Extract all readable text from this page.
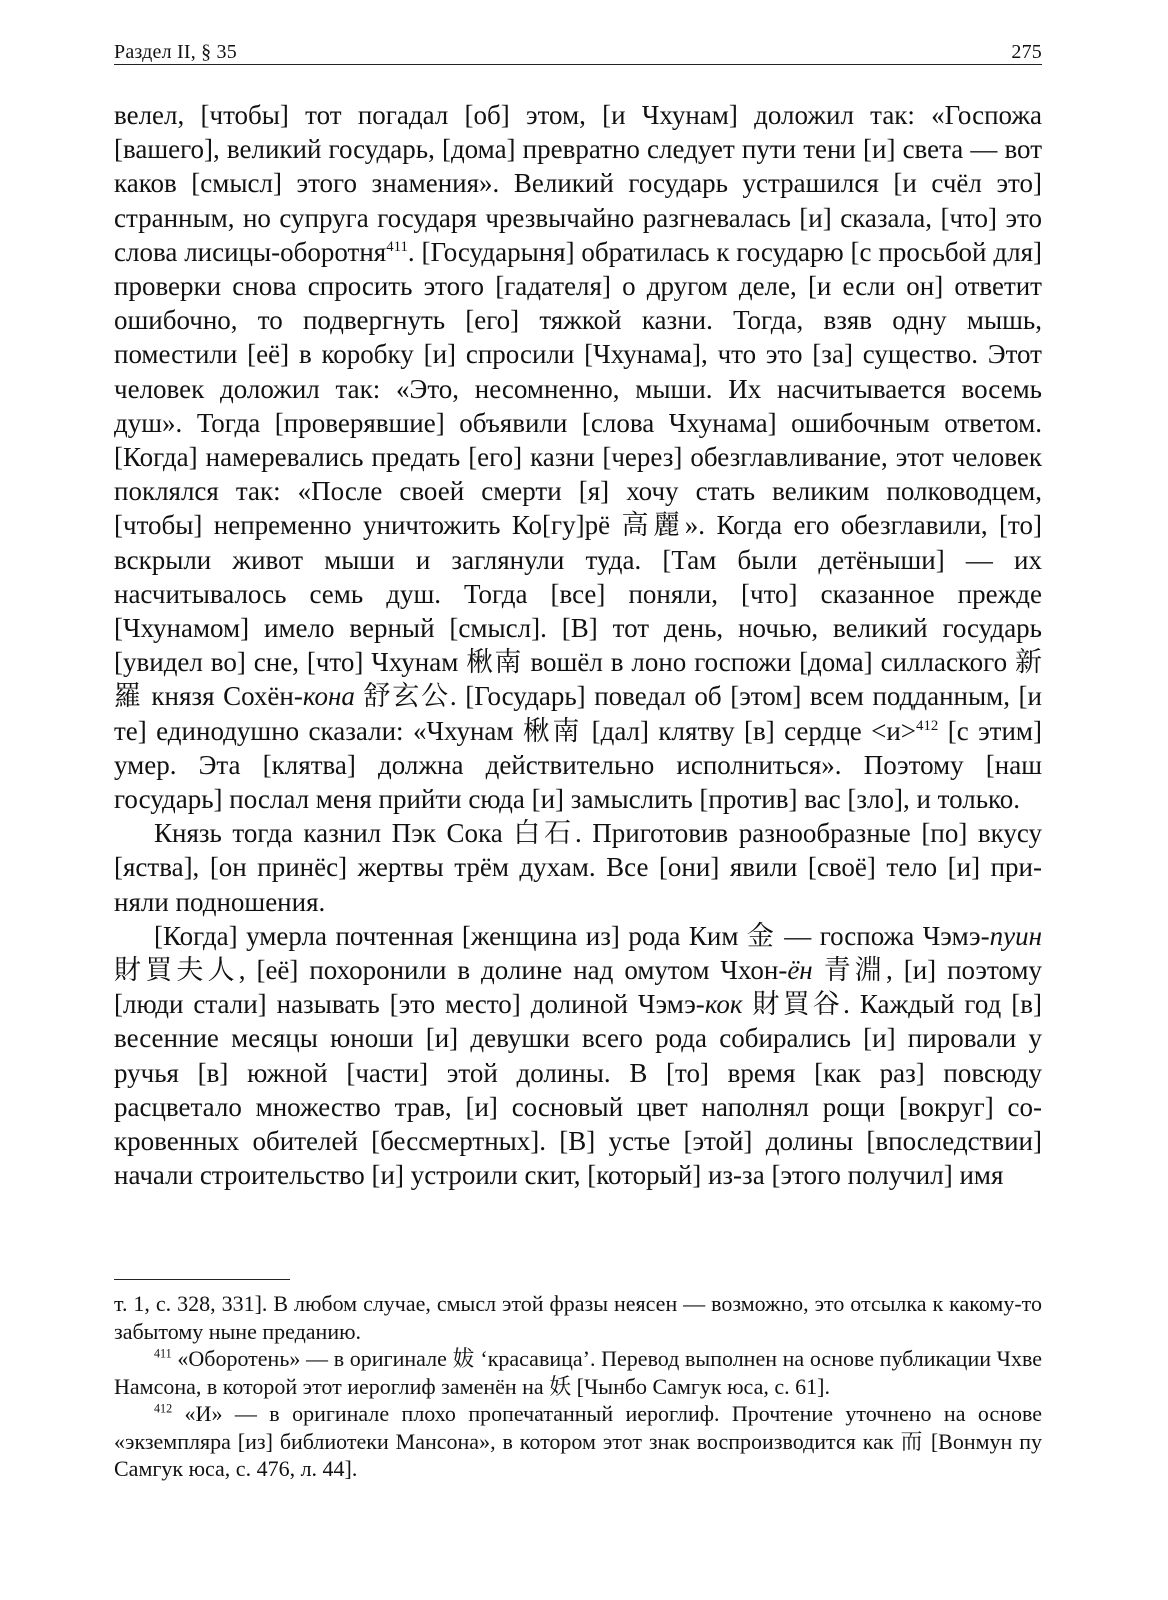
Раздел II, § 35	275

велел, [чтобы] тот погадал [об] этом, [и Чхунам] доложил так: «Госпожа [вашего], великий государь, [дома] превратно следует пути тени [и] света — вот каков [смысл] этого знамения». Великий государь устрашился [и счёл это] странным, но супруга государя чрезвычайно разгневалась [и] сказала, [что] это слова лисицы-оборотня$^{411}$. [Государыня] обратилась к государю [с просьбой для] проверки снова спросить этого [гадателя] о другом деле, [и если он] ответит ошибочно, то подвергнуть [его] тяжкой казни. Тогда, взяв одну мышь, поместили [её] в коробку [и] спросили [Чхунама], что это [за] существо. Этот человек доложил так: «Это, несомненно, мыши. Их насчитывается восемь душ». Тогда [проверявшие] объявили [слова Чхунама] ошибочным ответом. [Когда] намеревались предать [его] казни [через] обезглавливание, этот человек поклялся так: «После своей смерти [я] хочу стать великим полководцем, [чтобы] непременно уничтожить Ко[гу]рё 高麗». Когда его обезглавили, [то] вскрыли живот мыши и заглянули туда. [Там были детёныши] — их насчитывалось семь душ. Тогда [все] поняли, [что] сказанное прежде [Чхунамом] имело верный [смысл]. [В] тот день, ночью, великий государь [увидел во] сне, [что] Чхунам 楸南 вошёл в лоно госпожи [дома] силлаского 新羅 князя Сохён-кона 舒玄公. [Государь] поведал об [этом] всем подданным, [и те] единодушно сказали: «Чхунам 楸南 [дал] клятву [в] сердце <и>$^{412}$ [с этим] умер. Эта [клятва] должна действительно исполниться». Поэтому [наш государь] послал меня прийти сюда [и] замыслить [против] вас [зло], и только.

Князь тогда казнил Пэк Сока 白石. Приготовив разнообразные [по] вкусу [яства], [он принёс] жертвы трём духам. Все [они] явили [своё] тело [и] приняли подношения.

[Когда] умерла почтенная [женщина из] рода Ким 金 — госпожа Чэмэ-пуин 財買夫人, [её] похоронили в долине над омутом Чхон-ён 青淵, [и] поэтому [люди стали] называть [это место] долиной Чэмэ-кок 財買谷. Каждый год [в] весенние месяцы юноши [и] девушки всего рода собирались [и] пировали у ручья [в] южной [части] этой долины. В [то] время [как раз] повсюду расцветало множество трав, [и] сосновый цвет наполнял рощи [вокруг] сокровенных обителей [бессмертных]. [В] устье [этой] долины [впоследствии] начали строительство [и] устроили скит, [который] из-за [этого получил] имя

т. 1, с. 328, 331]. В любом случае, смысл этой фразы неясен — возможно, это отсылка к какому-то забытому ныне преданию.

$^{411}$ «Оборотень» — в оригинале 妭 ‘красавица’. Перевод выполнен на основе публикации Чхве Намсона, в которой этот иероглиф заменён на 妖 [Чынбо Самгук юса, с. 61].

$^{412}$ «И» — в оригинале плохо пропечатанный иероглиф. Прочтение уточнено на основе «экземпляра [из] библиотеки Мансона», в котором этот знак воспроизводится как 而 [Вонмун пу Самгук юса, с. 476, л. 44].
